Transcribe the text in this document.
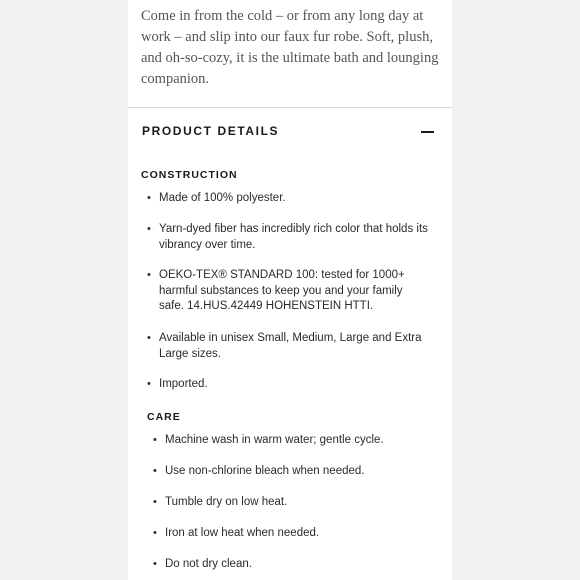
Come in from the cold – or from any long day at work – and slip into our faux fur robe. Soft, plush, and oh-so-cozy, it is the ultimate bath and lounging companion.

PRODUCT DETAILS
CONSTRUCTION
• Made of 100% polyester.
• Yarn-dyed fiber has incredibly rich color that holds its vibrancy over time.
• OEKO-TEX® STANDARD 100: tested for 1000+ harmful substances to keep you and your family safe. 14.HUS.42449 HOHENSTEIN HTTI.
• Available in unisex Small, Medium, Large and Extra Large sizes.
• Imported.
CARE
• Machine wash in warm water; gentle cycle.
• Use non-chlorine bleach when needed.
• Tumble dry on low heat.
• Iron at low heat when needed.
• Do not dry clean.
